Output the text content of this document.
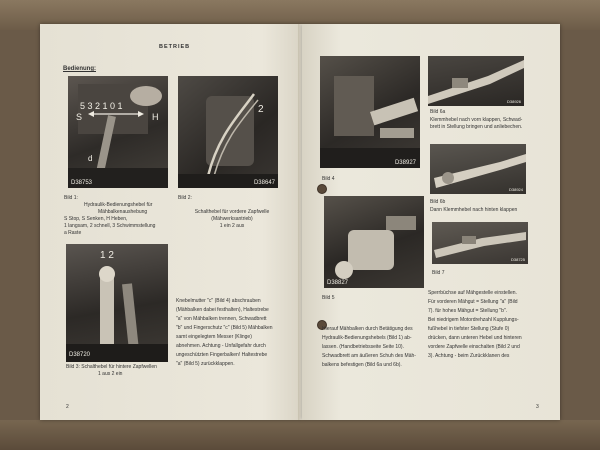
BETRIEB
Bedienung:
5 3 2 1 0 1
S	H
d
D38753
2
D38647
Bild 1:
Hydraulik-Bedienungshebel für
Mähbalkenaushebung
S Stop, S Senken, H Heben,
1 langsam, 2 schnell, 3 Schwimmstellung
a Raste
Bild 2:
Schalthebel für vordere Zapfwelle
(Mähwerksantrieb)
1 ein 2 aus
1 2
D38720
Bild 3: Schalthebel für hintere Zapfwellen
1 aus 2 ein
Knebelmutter "c" (Bild 4) abschrauben
(Mähbalken dabei festhalten), Haltestrebe
"a" von Mähbalken trennen, Schwadbrett
"b" und Fingerschutz "c" (Bild 5) Mähbalken
samt eingelegtem Messer (Klinge)
abnehmen. Achtung - Unfallgefahr durch
ungeschützten Fingerbalken! Haltestrebe
"a" (Bild 5) zurückklappen.
2
D38927
Bild 4
D38827
Bild 5
D38926
Bild 6a
Klemmhebel nach vorn klappen, Schwad-
brett in Stellung bringen und anliebechen.
D38924
Bild 6b
Dann Klemmhebel nach hinten klappen
D38725
Bild 7
Hierauf Mähbalken durch Betätigung des
Hydraulik-Bedienungshebels (Bild 1) ab-
lassen. (Handbetriebsseite Seite 10).
Schwadbrett am äußeren Schuh des Mäh-
balkens befestigen (Bild 6a und 6b).
Sperrbüchse auf Mähgestelle einstellen.
Für vorderen Mähgut = Stellung "a" (Bild
7). für hohes Mähgut = Stellung "b".
Bei niedrigem Motordrehzahl Kupplungs-
fußhebel in tiefster Stellung (Stufe 0)
drücken, dann unteren Hebel und hinteren
vordere Zapfwelle einschalten (Bild 2 und
3). Achtung - beim Zurückklanen des
3
